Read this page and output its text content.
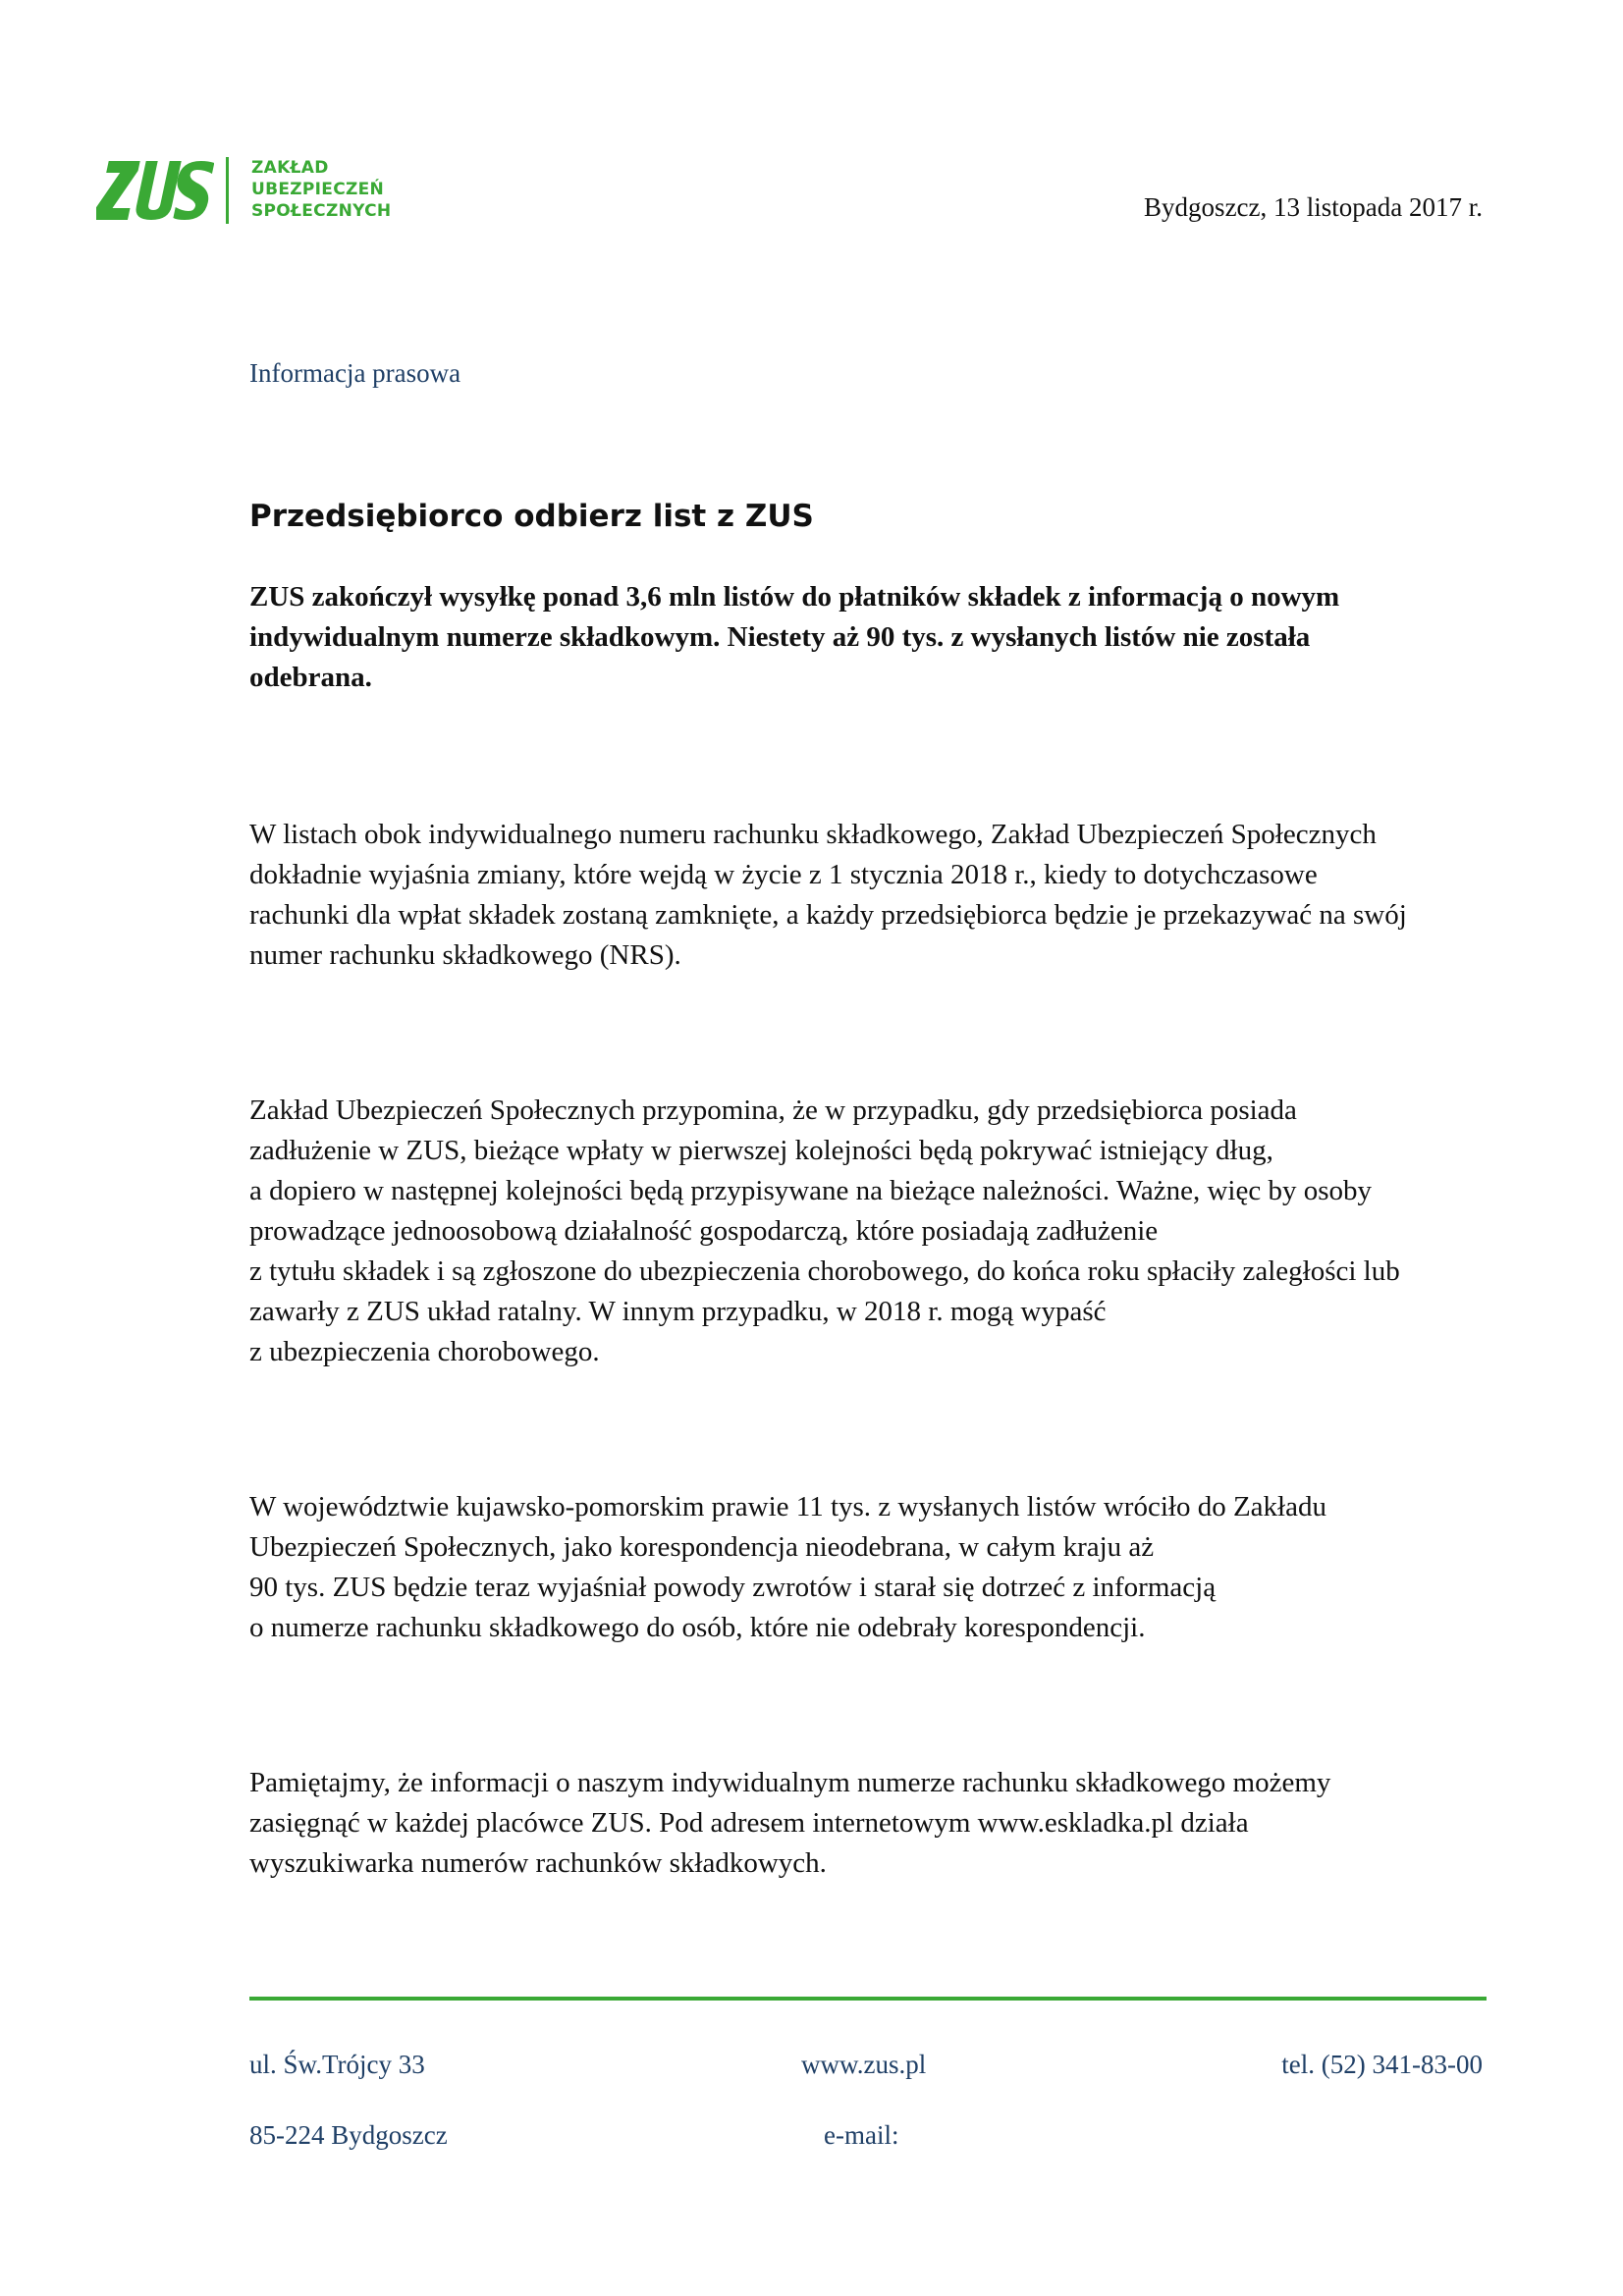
ZAKŁAD
UBEZPIECZEŃ
SPOŁECZNYCH	Bydgoszcz, 13 listopada 2017 r.
Informacja prasowa
Przedsiębiorco odbierz list z ZUS
ZUS zakończył wysyłkę ponad 3,6 mln listów do płatników składek z informacją o nowym
indywidualnym numerze składkowym. Niestety aż 90 tys. z wysłanych listów nie została
odebrana.
W listach obok indywidualnego numeru rachunku składkowego, Zakład Ubezpieczeń Społecznych
dokładnie wyjaśnia zmiany, które wejdą w życie z 1 stycznia 2018 r., kiedy to dotychczasowe
rachunki dla wpłat składek zostaną zamknięte, a każdy przedsiębiorca będzie je przekazywać na swój
numer rachunku składkowego (NRS).
Zakład Ubezpieczeń Społecznych przypomina, że w przypadku, gdy przedsiębiorca posiada
zadłużenie w ZUS, bieżące wpłaty w pierwszej kolejności będą pokrywać istniejący dług,
a dopiero w następnej kolejności będą przypisywane na bieżące należności. Ważne, więc by osoby
prowadzące jednoosobową działalność gospodarczą, które posiadają zadłużenie
z tytułu składek i są zgłoszone do ubezpieczenia chorobowego, do końca roku spłaciły zaległości lub
zawarły z ZUS układ ratalny. W innym przypadku, w 2018 r. mogą wypaść
z ubezpieczenia chorobowego.
W województwie kujawsko-pomorskim prawie 11 tys. z wysłanych listów wróciło do Zakładu
Ubezpieczeń Społecznych, jako korespondencja nieodebrana, w całym kraju aż
90 tys. ZUS będzie teraz wyjaśniał powody zwrotów i starał się dotrzeć z informacją
o numerze rachunku składkowego do osób, które nie odebrały korespondencji.
Pamiętajmy, że informacji o naszym indywidualnym numerze rachunku składkowego możemy
zasięgnąć w każdej placówce ZUS. Pod adresem internetowym www.eskladka.pl działa
wyszukiwarka numerów rachunków składkowych.
ul. Św.Trójcy 33	www.zus.pl	tel. (52) 341-83-00
85-224 Bydgoszcz	e-mail:
